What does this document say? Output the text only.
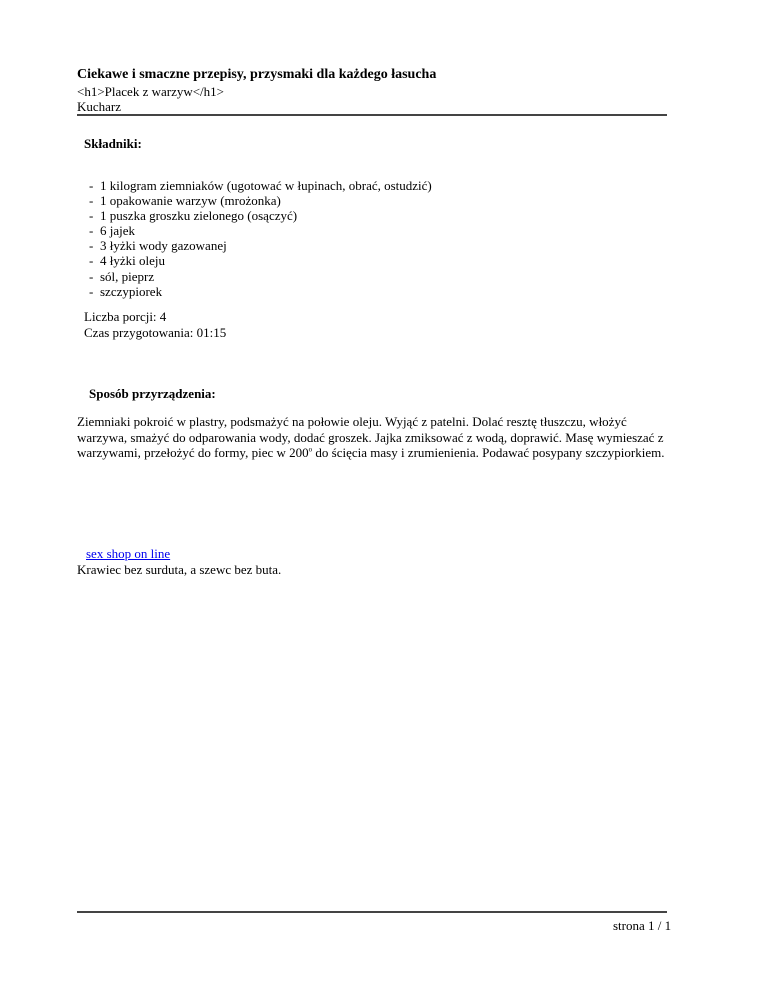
Ciekawe i smaczne przepisy, przysmaki dla każdego łasucha
<h1>Placek z warzyw</h1>
Kucharz
Składniki:
- 1 kilogram ziemniaków (ugotować w łupinach, obrać, ostudzić)
- 1 opakowanie warzyw (mrożonka)
- 1 puszka groszku zielonego (osączyć)
- 6 jajek
- 3 łyżki wody gazowanej
- 4 łyżki oleju
- sól, pieprz
- szczypiorek
Liczba porcji: 4
Czas przygotowania: 01:15
Sposób przyrządzenia:
Ziemniaki pokroić w plastry, podsmażyć na połowie oleju. Wyjąć z patelni. Dolać resztę tłuszczu, włożyć warzywa, smażyć do odparowania wody, dodać groszek. Jajka zmiksować z wodą, doprawić. Masę wymieszać z warzywami, przełożyć do formy, piec w 200$^o$ do ścięcia masy i zrumienienia. Podawać posypany szczypiorkiem.
sex shop on line
Krawiec bez surduta, a szewc bez buta.
strona 1 / 1
